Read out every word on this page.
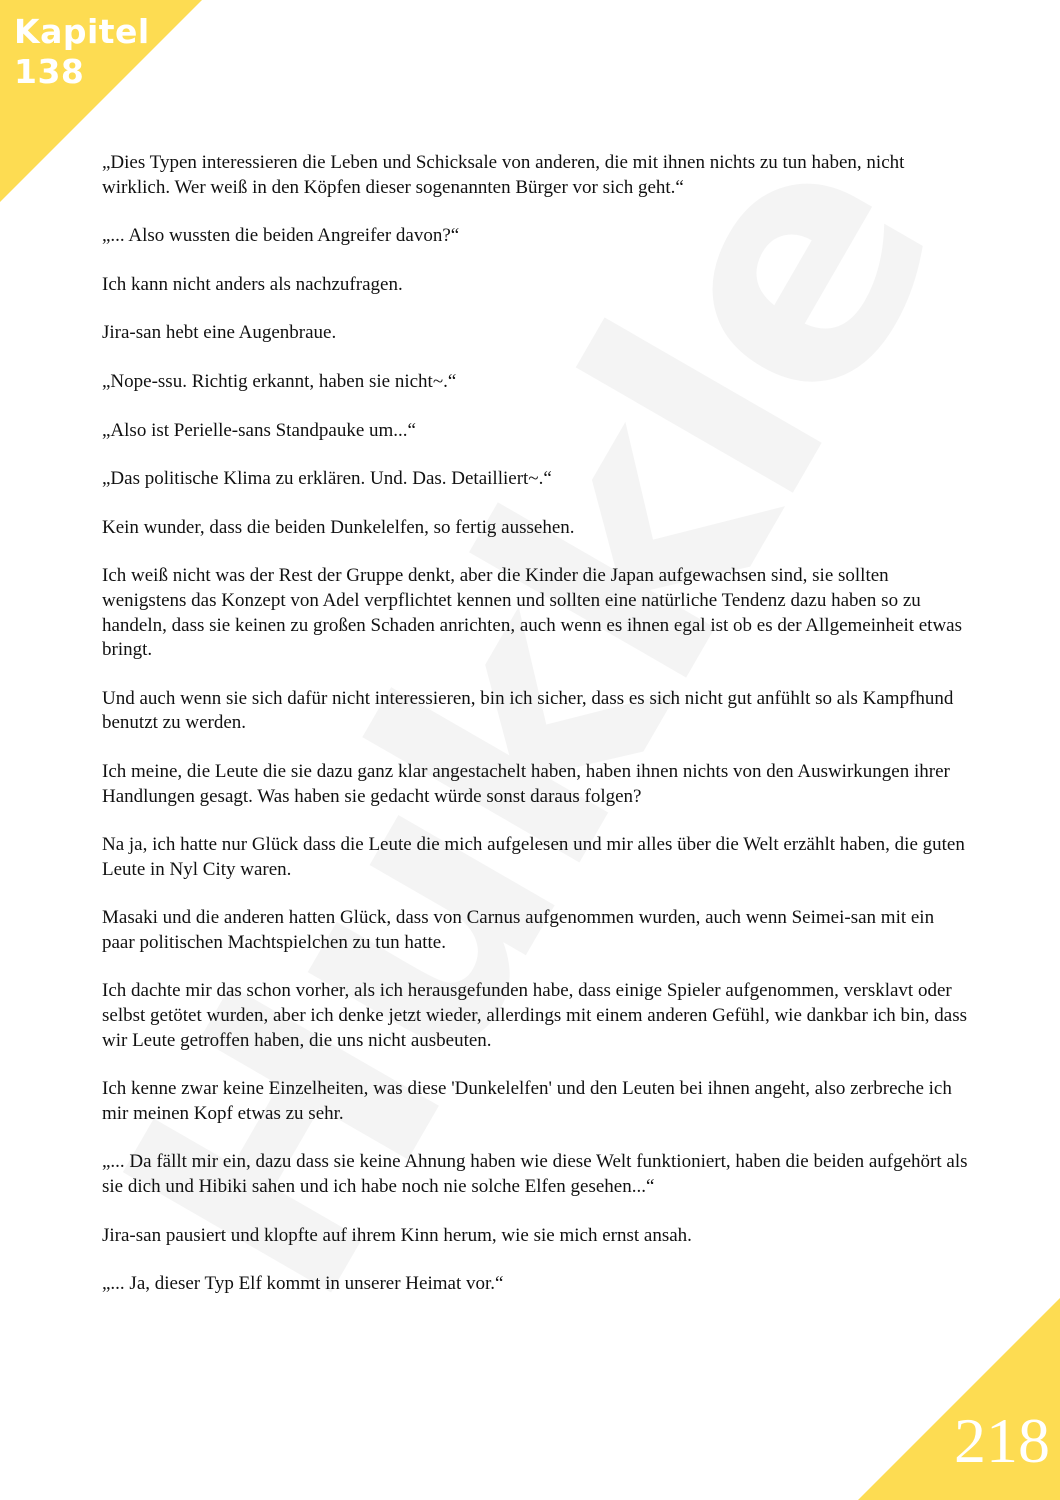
Kapitel
138

„Dies Typen interessieren die Leben und Schicksale von anderen, die mit ihnen nichts zu tun haben, nicht wirklich. Wer weiß in den Köpfen dieser sogenannten Bürger vor sich geht.“

„... Also wussten die beiden Angreifer davon?“

Ich kann nicht anders als nachzufragen.

Jira-san hebt eine Augenbraue.

„Nope-ssu. Richtig erkannt, haben sie nicht~.“

„Also ist Perielle-sans Standpauke um...“

„Das politische Klima zu erklären. Und. Das. Detailliert~.“

Kein wunder, dass die beiden Dunkelelfen, so fertig aussehen.

Ich weiß nicht was der Rest der Gruppe denkt, aber die Kinder die Japan aufgewachsen sind, sie sollten wenigstens das Konzept von Adel verpflichtet kennen und sollten eine natürliche Tendenz dazu haben so zu handeln, dass sie keinen zu großen Schaden anrichten, auch wenn es ihnen egal ist ob es der Allgemeinheit etwas bringt.

Und auch wenn sie sich dafür nicht interessieren, bin ich sicher, dass es sich nicht gut anfühlt so als Kampfhund benutzt zu werden.

Ich meine, die Leute die sie dazu ganz klar angestachelt haben, haben ihnen nichts von den Auswirkungen ihrer Handlungen gesagt. Was haben sie gedacht würde sonst daraus folgen?

Na ja, ich hatte nur Glück dass die Leute die mich aufgelesen und mir alles über die Welt erzählt haben, die guten Leute in Nyl City waren.

Masaki und die anderen hatten Glück, dass von Carnus aufgenommen wurden, auch wenn Seimei-san mit ein paar politischen Machtspielchen zu tun hatte.

Ich dachte mir das schon vorher, als ich herausgefunden habe, dass einige Spieler aufgenommen, versklavt oder selbst getötet wurden, aber ich denke jetzt wieder, allerdings mit einem anderen Gefühl, wie dankbar ich bin, dass wir Leute getroffen haben, die uns nicht ausbeuten.

Ich kenne zwar keine Einzelheiten, was diese 'Dunkelelfen' und den Leuten bei ihnen angeht, also zerbreche ich mir meinen Kopf etwas zu sehr.

„... Da fällt mir ein, dazu dass sie keine Ahnung haben wie diese Welt funktioniert, haben die beiden aufgehört als sie dich und Hibiki sahen und ich habe noch nie solche Elfen gesehen...“

Jira-san pausiert und klopfte auf ihrem Kinn herum, wie sie mich ernst ansah.

„... Ja, dieser Typ Elf kommt in unserer Heimat vor.“

218
